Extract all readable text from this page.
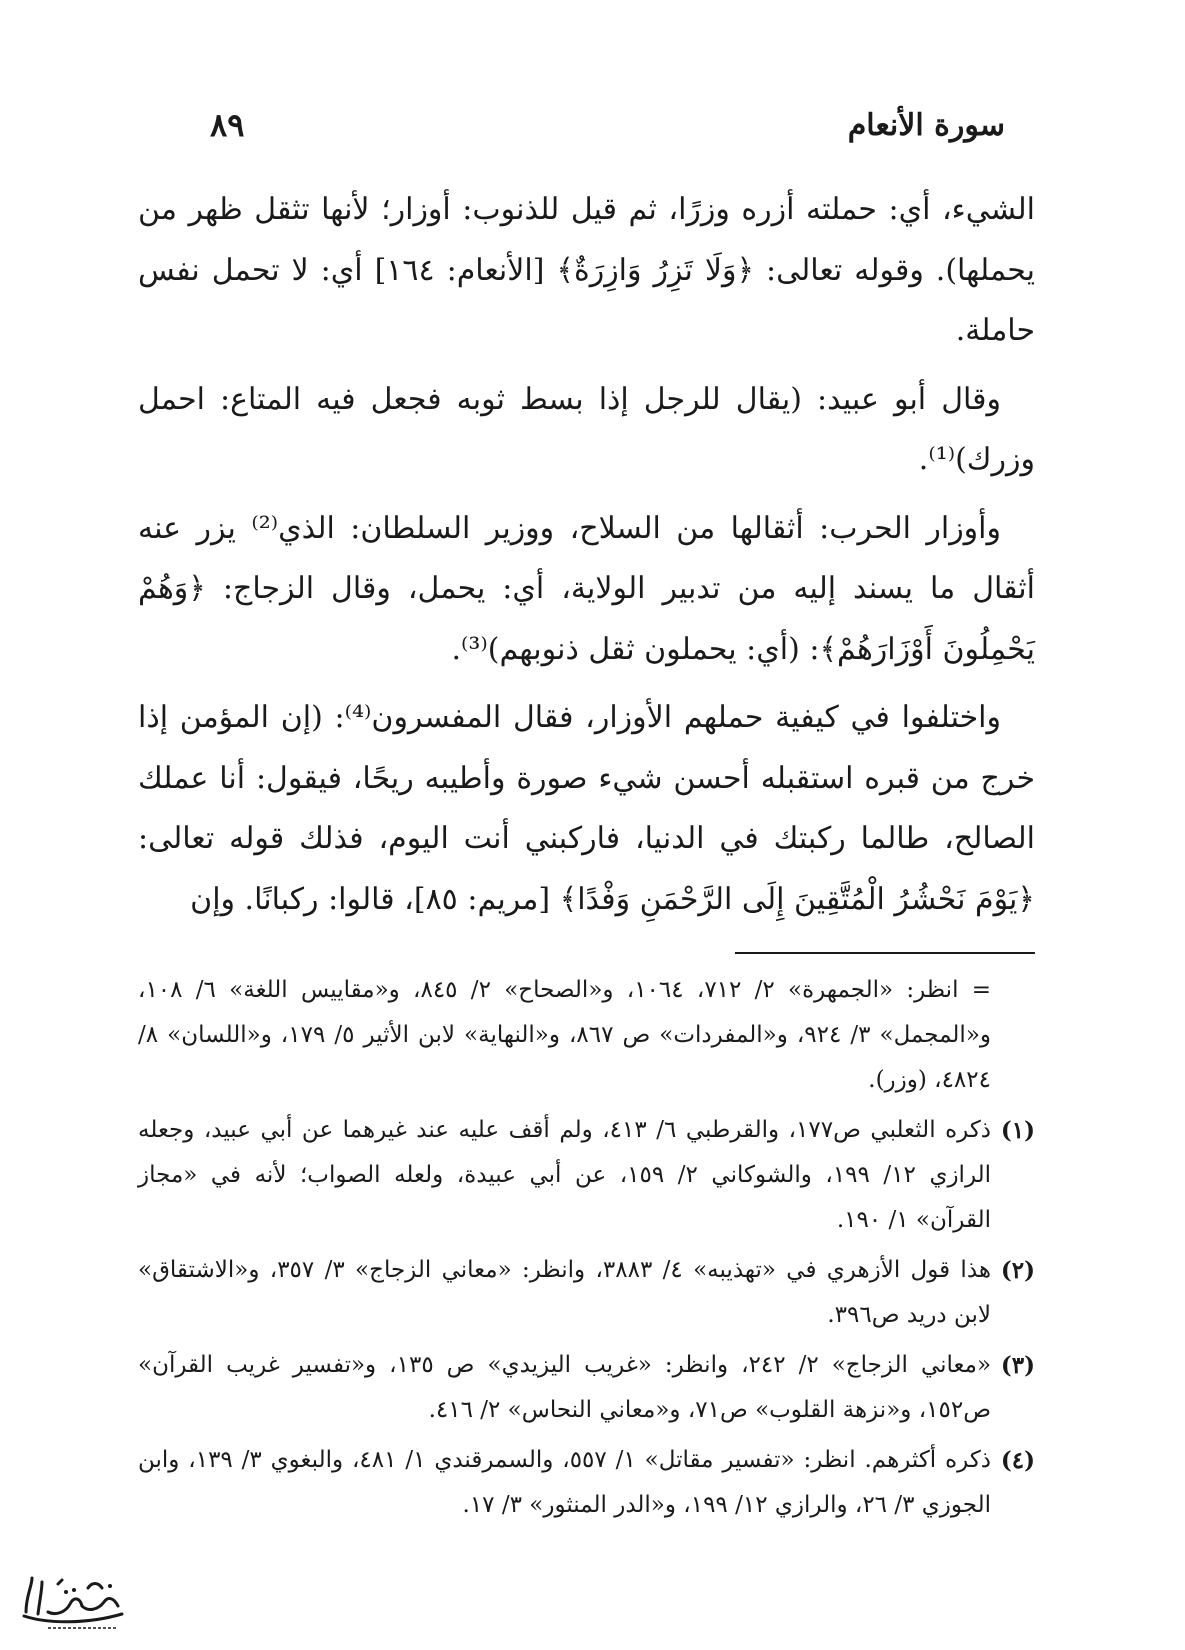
سورة الأنعام
٨٩

الشيء، أي: حملته أزره وزرًا، ثم قيل للذنوب: أوزار؛ لأنها تثقل ظهر من يحملها). وقوله تعالى: ﴿وَلَا تَزِرُ وَازِرَةٌ﴾ [الأنعام: ١٦٤] أي: لا تحمل نفس حاملة.

وقال أبو عبيد: (يقال للرجل إذا بسط ثوبه فجعل فيه المتاع: احمل وزرك)⁽¹⁾.

وأوزار الحرب: أثقالها من السلاح، ووزير السلطان: الذي⁽²⁾ يزر عنه أثقال ما يسند إليه من تدبير الولاية، أي: يحمل، وقال الزجاج: ﴿وَهُمْ يَحْمِلُونَ أَوْزَارَهُمْ﴾: (أي: يحملون ثقل ذنوبهم)⁽³⁾.

واختلفوا في كيفية حملهم الأوزار، فقال المفسرون⁽⁴⁾: (إن المؤمن إذا خرج من قبره استقبله أحسن شيء صورة وأطيبه ريحًا، فيقول: أنا عملك الصالح، طالما ركبتك في الدنيا، فاركبني أنت اليوم، فذلك قوله تعالى: ﴿يَوْمَ نَحْشُرُ الْمُتَّقِينَ إِلَى الرَّحْمَنِ وَفْدًا﴾ [مريم: ٨٥]، قالوا: ركبانًا. وإن

= انظر: «الجمهرة» ٢/ ٧١٢، ١٠٦٤، و«الصحاح» ٢/ ٨٤٥، و«مقاييس اللغة» ٦/ ١٠٨، و«المجمل» ٣/ ٩٢٤، و«المفردات» ص ٨٦٧، و«النهاية» لابن الأثير ٥/ ١٧٩، و«اللسان» ٨/ ٤٨٢٤، (وزر).
(١)
ذكره الثعلبي ص١٧٧، والقرطبي ٦/ ٤١٣، ولم أقف عليه عند غيرهما عن أبي عبيد، وجعله الرازي ١٢/ ١٩٩، والشوكاني ٢/ ١٥٩، عن أبي عبيدة، ولعله الصواب؛ لأنه في «مجاز القرآن» ١/ ١٩٠.
(٢)
هذا قول الأزهري في «تهذيبه» ٤/ ٣٨٨٣، وانظر: «معاني الزجاج» ٣/ ٣٥٧، و«الاشتقاق» لابن دريد ص٣٩٦.
(٣)
«معاني الزجاج» ٢/ ٢٤٢، وانظر: «غريب اليزيدي» ص ١٣٥، و«تفسير غريب القرآن» ص١٥٢، و«نزهة القلوب» ص٧١، و«معاني النحاس» ٢/ ٤١٦.
(٤)
ذكره أكثرهم. انظر: «تفسير مقاتل» ١/ ٥٥٧، والسمرقندي ١/ ٤٨١، والبغوي ٣/ ١٣٩، وابن الجوزي ٣/ ٢٦، والرازي ١٢/ ١٩٩، و«الدر المنثور» ٣/ ١٧.
